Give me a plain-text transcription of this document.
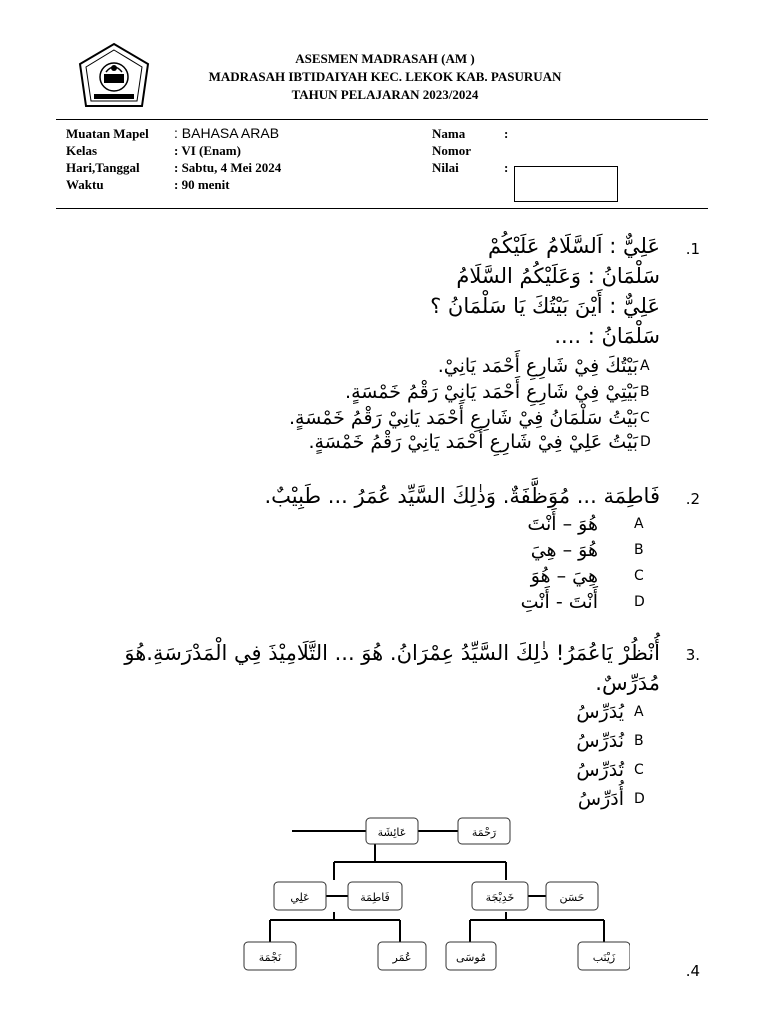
ASESMEN MADRASAH (AM )
MADRASAH IBTIDAIYAH KEC. LEKOK KAB. PASURUAN
TAHUN PELAJARAN 2023/2024
Muatan Mapel : BAHASA ARAB
Kelas	: VI (Enam)
Hari,Tanggal	: Sabtu, 4 Mei 2024
Waktu	: 90 menit
Nama	:
Nomor
Nilai	:
.1
عَلِيٌّ : اَلسَّلَامُ عَلَيْكُمْ
سَلْمَانُ : وَعَلَيْكُمُ السَّلَامُ
عَلِيٌّ : أَيْنَ بَيْتُكَ يَا سَلْمَانُ ؟
سَلْمَانُ : ....
A
بَيْتُكَ فِيْ شَارِعِ أَحْمَد يَانِيْ.
B
بَيْتِيْ فِيْ شَارِعِ أَحْمَد يَانِيْ رَقْمُ خَمْسَةٍ.
C
بَيْتُ سَلْمَانُ فِيْ شَارِعِ أَحْمَد يَانِيْ رَقْمُ خَمْسَةٍ.
D
بَيْتُ عَلِيْ فِيْ شَارِعِ أَحْمَد يَانِيْ رَقْمُ خَمْسَةٍ.
.2
فَاطِمَة ... مُوَظَّفَةٌ. وَذٰلِكَ السَّيِّد عُمَرُ ... طَبِيْبٌ.
A
هُوَ – أَنْتَ
B
هُوَ – هِيَ
C
هِيَ – هُوَ
D
أَنْتَ - أَنْتِ
3.
أُنْظُرْ يَاعُمَرُ! ذٰلِكَ السَّيِّدُ عِمْرَانُ. هُوَ ... التَّلَامِيْذَ فِي الْمَدْرَسَةِ.هُوَ مُدَرِّسٌ.
A
يُدَرِّسُ
B
نُدَرِّسُ
C
تُدَرِّسُ
D
أُدَرِّسُ
عَائِشَة	رَحْمَة
عَلِي	فَاطِمَة	خَدِيْجَة	حَسَن
نَجْمَة	عُمَر	مُوسَى	زَيْنَب
.4
